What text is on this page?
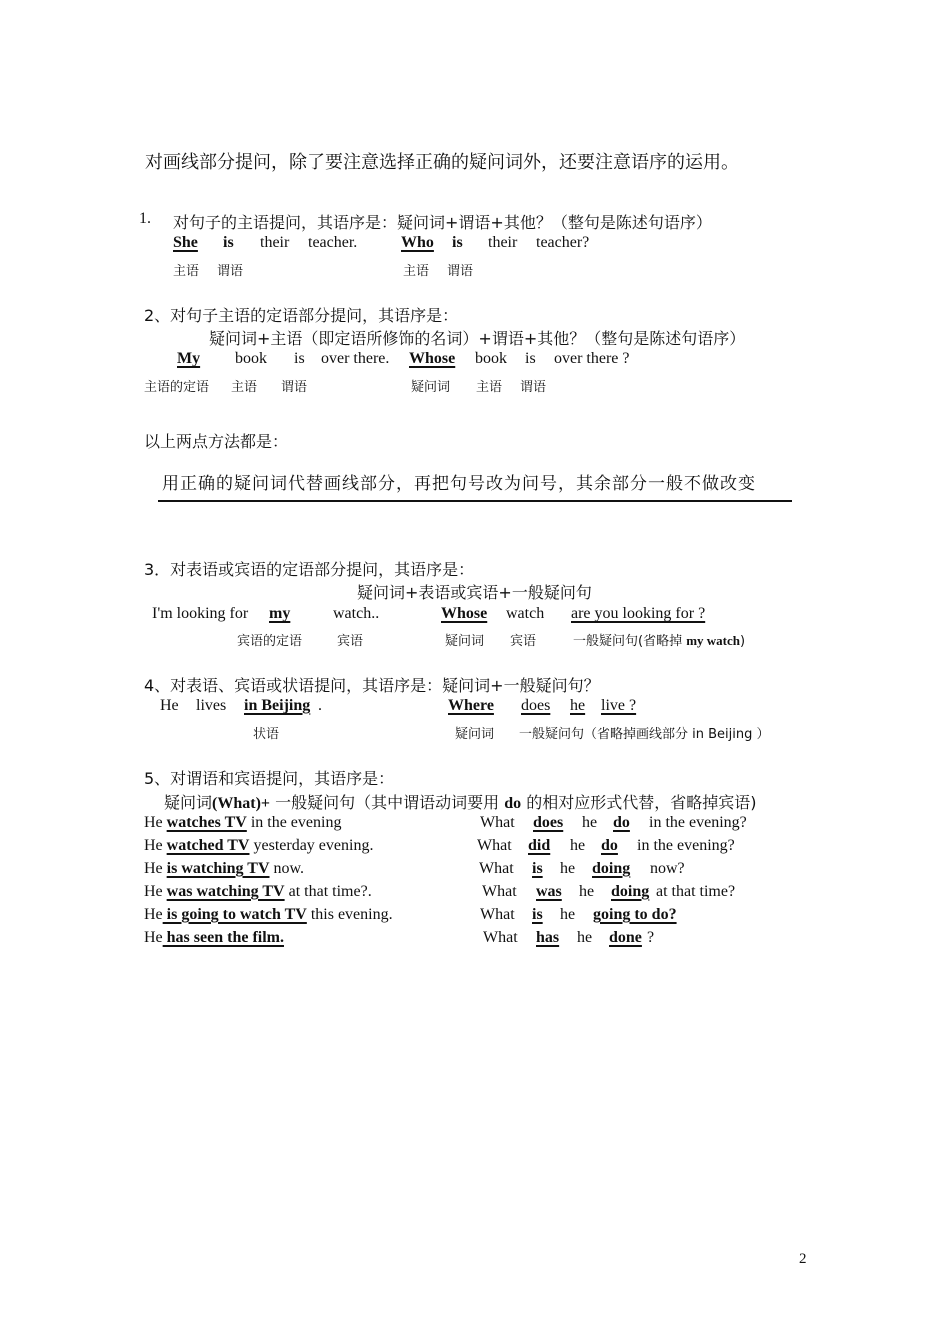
对画线部分提问，除了要注意选择正确的疑问词外，还要注意语序的运用。
1. 对句子的主语提问，其语序是：疑问词+谓语+其他？（整句是陈述句语序）
She is their teacher.	Who is their teacher?
主语 谓语	主语 谓语
2、对句子主语的定语部分提问，其语序是：
疑问词+主语（即定语所修饰的名词）+谓语+其他？（整句是陈述句语序）
My book is over there. Whose book is over there ?
主语的定语 主语 谓语	疑问词 主语 谓语
以上两点方法都是：
用正确的疑问词代替画线部分，再把句号改为问号，其余部分一般不做改变
3．对表语或宾语的定语部分提问，其语序是：
疑问词+表语或宾语+一般疑问句
I'm looking for my	watch..	Whose watch are you looking for ?
宾语的定语	宾语	疑问词 宾语	一般疑问句(省略掉 my watch)
4、对表语、宾语或状语提问，其语序是：疑问词+一般疑问句？
He lives in Beijing .	Where does he live ?
状语	疑问词 一般疑问句（省略掉画线部分 in Beijing ）
5、对谓语和宾语提问，其语序是：
疑问词(What)+ 一般疑问句（其中谓语动词要用 do 的相对应形式代替，省略掉宾语)
He watches TV in the evening	What does he do in the evening?
He watched TV yesterday evening.	What did he do in the evening?
He is watching TV now.	What is he doing now?
He was watching TV at that time?.	What was he doing at that time?
He is going to watch TV this evening.	What is he going to do?
He has seen the film.	What has he done ?
2
